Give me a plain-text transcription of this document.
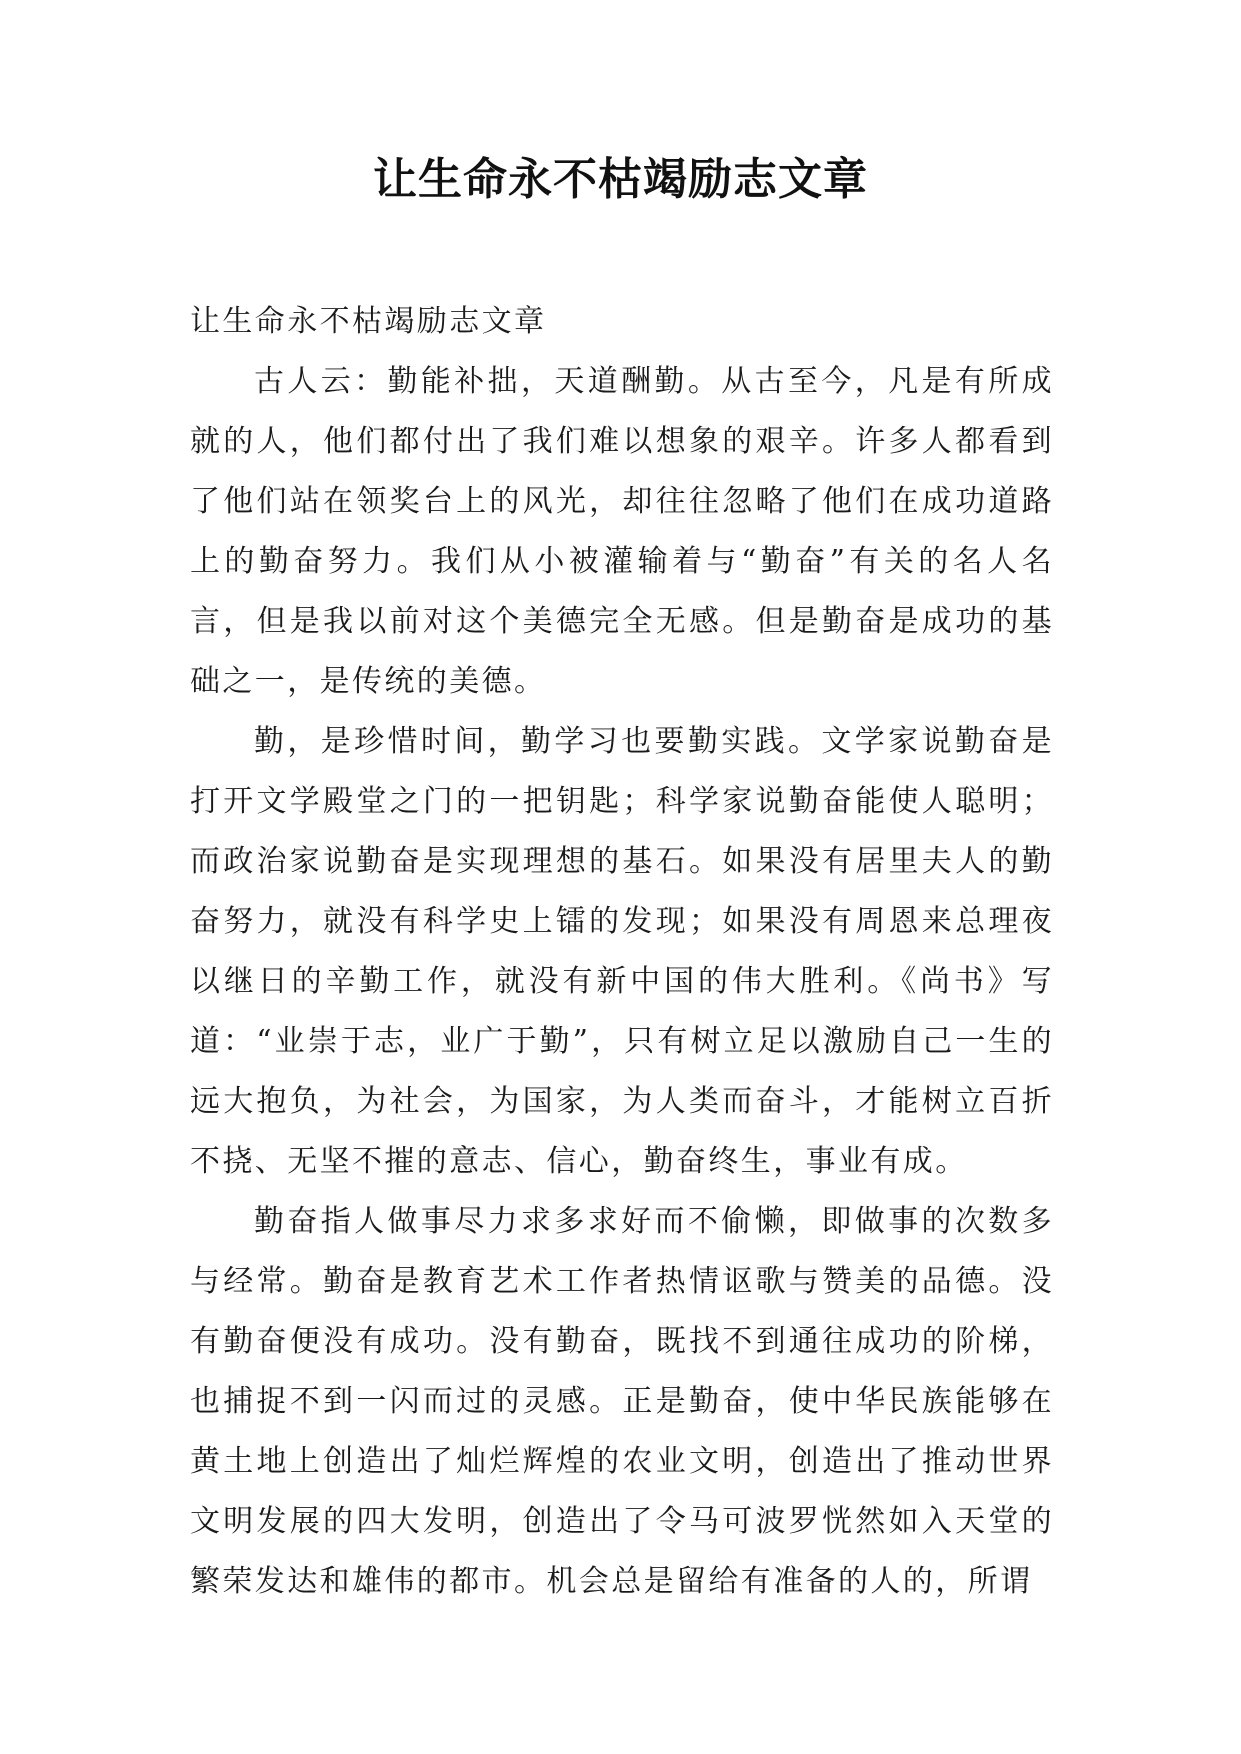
让生命永不枯竭励志文章

让生命永不枯竭励志文章

古人云：勤能补拙，天道酬勤。从古至今，凡是有所成就的人，他们都付出了我们难以想象的艰辛。许多人都看到了他们站在领奖台上的风光，却往往忽略了他们在成功道路上的勤奋努力。我们从小被灌输着与“勤奋”有关的名人名言，但是我以前对这个美德完全无感。但是勤奋是成功的基础之一，是传统的美德。

勤，是珍惜时间，勤学习也要勤实践。文学家说勤奋是打开文学殿堂之门的一把钥匙；科学家说勤奋能使人聪明；而政治家说勤奋是实现理想的基石。如果没有居里夫人的勤奋努力，就没有科学史上镭的发现；如果没有周恩来总理夜以继日的辛勤工作，就没有新中国的伟大胜利。《尚书》写道：“业崇于志，业广于勤”，只有树立足以激励自己一生的远大抱负，为社会，为国家，为人类而奋斗，才能树立百折不挠、无坚不摧的意志、信心，勤奋终生，事业有成。

勤奋指人做事尽力求多求好而不偷懒，即做事的次数多与经常。勤奋是教育艺术工作者热情讴歌与赞美的品德。没有勤奋便没有成功。没有勤奋，既找不到通往成功的阶梯，也捕捉不到一闪而过的灵感。正是勤奋，使中华民族能够在黄土地上创造出了灿烂辉煌的农业文明，创造出了推动世界文明发展的四大发明，创造出了令马可波罗恍然如入天堂的繁荣发达和雄伟的都市。机会总是留给有准备的人的，所谓
